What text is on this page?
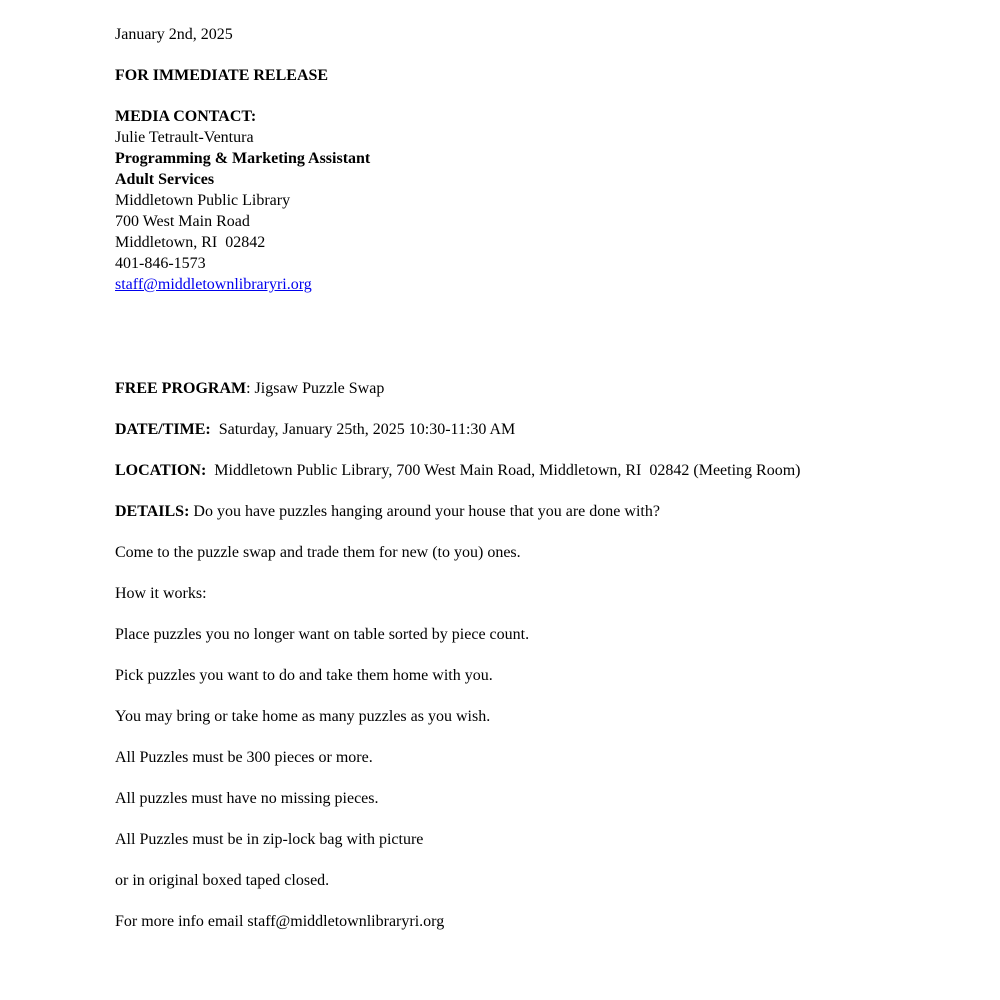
January 2nd, 2025

FOR IMMEDIATE RELEASE

MEDIA CONTACT:
Julie Tetrault-Ventura
Programming & Marketing Assistant
Adult Services
Middletown Public Library
700 West Main Road
Middletown, RI  02842
401-846-1573
staff@middletownlibraryri.org

FREE PROGRAM: Jigsaw Puzzle Swap

DATE/TIME:  Saturday, January 25th, 2025 10:30-11:30 AM

LOCATION:  Middletown Public Library, 700 West Main Road, Middletown, RI  02842 (Meeting Room)

DETAILS: Do you have puzzles hanging around your house that you are done with?

Come to the puzzle swap and trade them for new (to you) ones.

How it works:

Place puzzles you no longer want on table sorted by piece count.

Pick puzzles you want to do and take them home with you.

You may bring or take home as many puzzles as you wish.

All Puzzles must be 300 pieces or more.

All puzzles must have no missing pieces.

All Puzzles must be in zip-lock bag with picture

or in original boxed taped closed.

For more info email staff@middletownlibraryri.org
